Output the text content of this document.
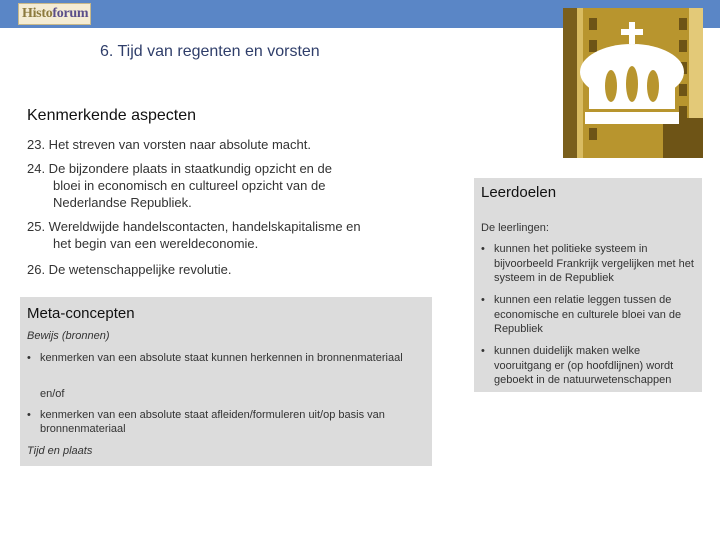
Histoforum
6. Tijd van regenten en vorsten
Kenmerkende aspecten
23. Het streven van vorsten naar absolute macht.
24. De bijzondere plaats in staatkundig opzicht en de
bloei in economisch en cultureel opzicht van de Nederlandse Republiek.
25. Wereldwijde handelscontacten, handelskapitalisme en
het begin van een wereldeconomie.
26. De wetenschappelijke revolutie.
Meta-concepten
Bewijs (bronnen)
• kenmerken van een absolute staat kunnen herkennen in bronnenmateriaal
en/of
• kenmerken van een absolute staat afleiden/formuleren uit/op basis van bronnenmateriaal
Tijd en plaats
Leerdoelen
De leerlingen:
• kunnen het politieke systeem in bijvoorbeeld Frankrijk vergelijken met het systeem in de Republiek
• kunnen een relatie leggen tussen de economische en culturele bloei van de Republiek
• kunnen duidelijk maken welke vooruitgang er (op hoofdlijnen) wordt geboekt in de natuurwetenschappen
